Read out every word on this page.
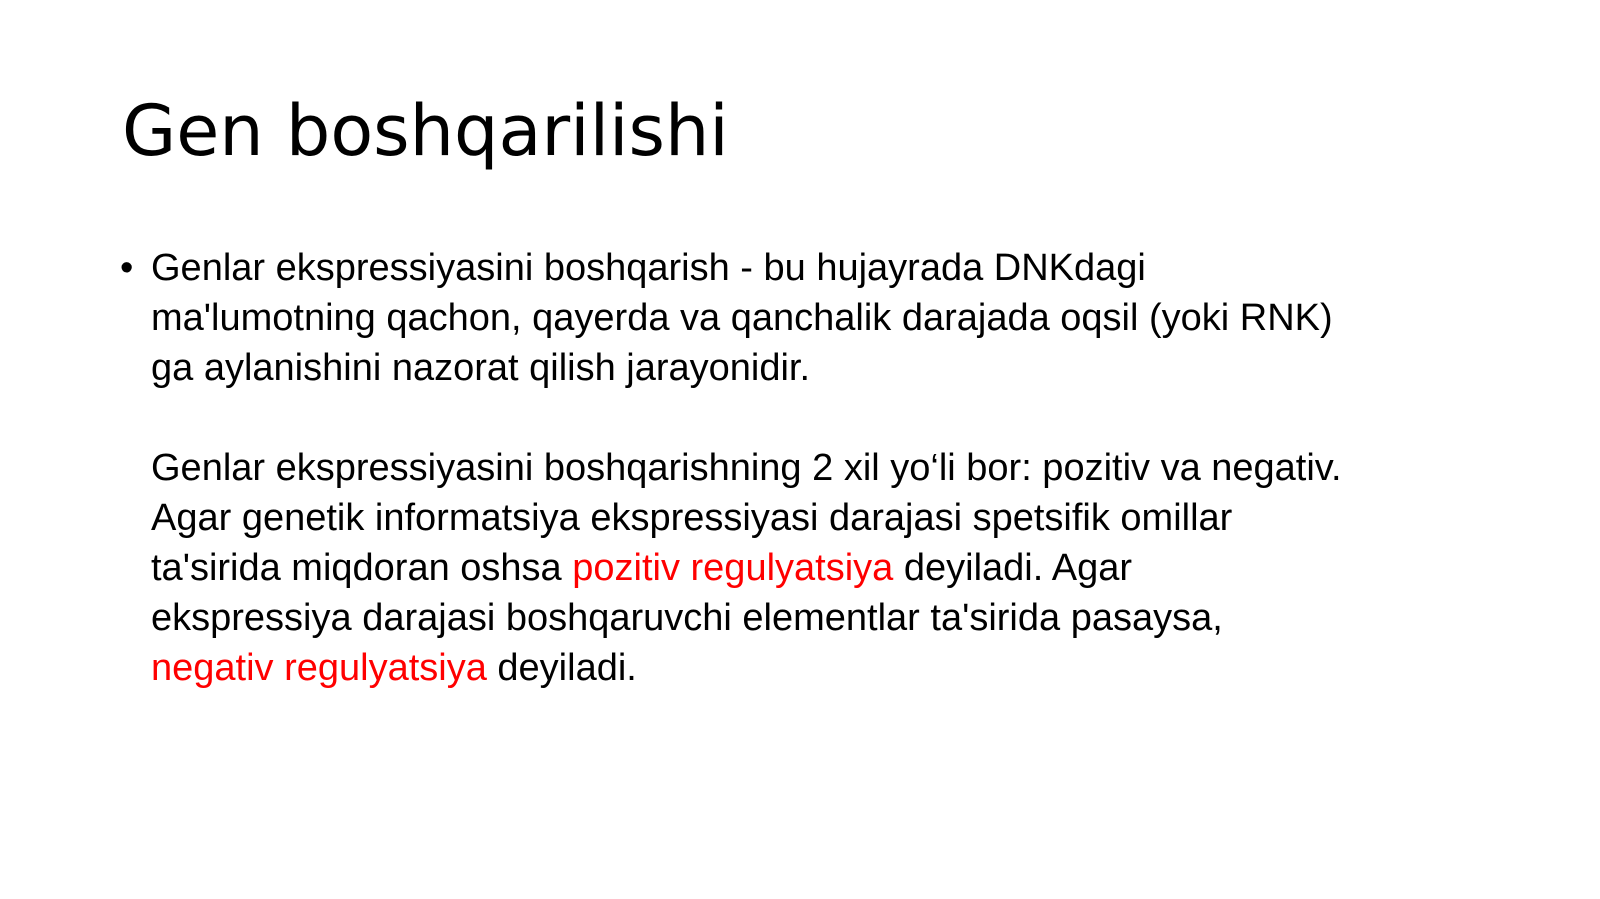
Gen boshqarilishi
• Genlar ekspressiyasini boshqarish - bu hujayrada DNKdagi
ma'lumotning qachon, qayerda va qanchalik darajada oqsil (yoki RNK)
ga aylanishini nazorat qilish jarayonidir.
Genlar ekspressiyasini boshqarishning 2 xil yo‘li bor: pozitiv va negativ.
Agar genetik informatsiya ekspressiyasi darajasi spetsifik omillar
ta'sirida miqdoran oshsa pozitiv regulyatsiya deyiladi. Agar
ekspressiya darajasi boshqaruvchi elementlar ta'sirida pasaysa,
negativ regulyatsiya deyiladi.
